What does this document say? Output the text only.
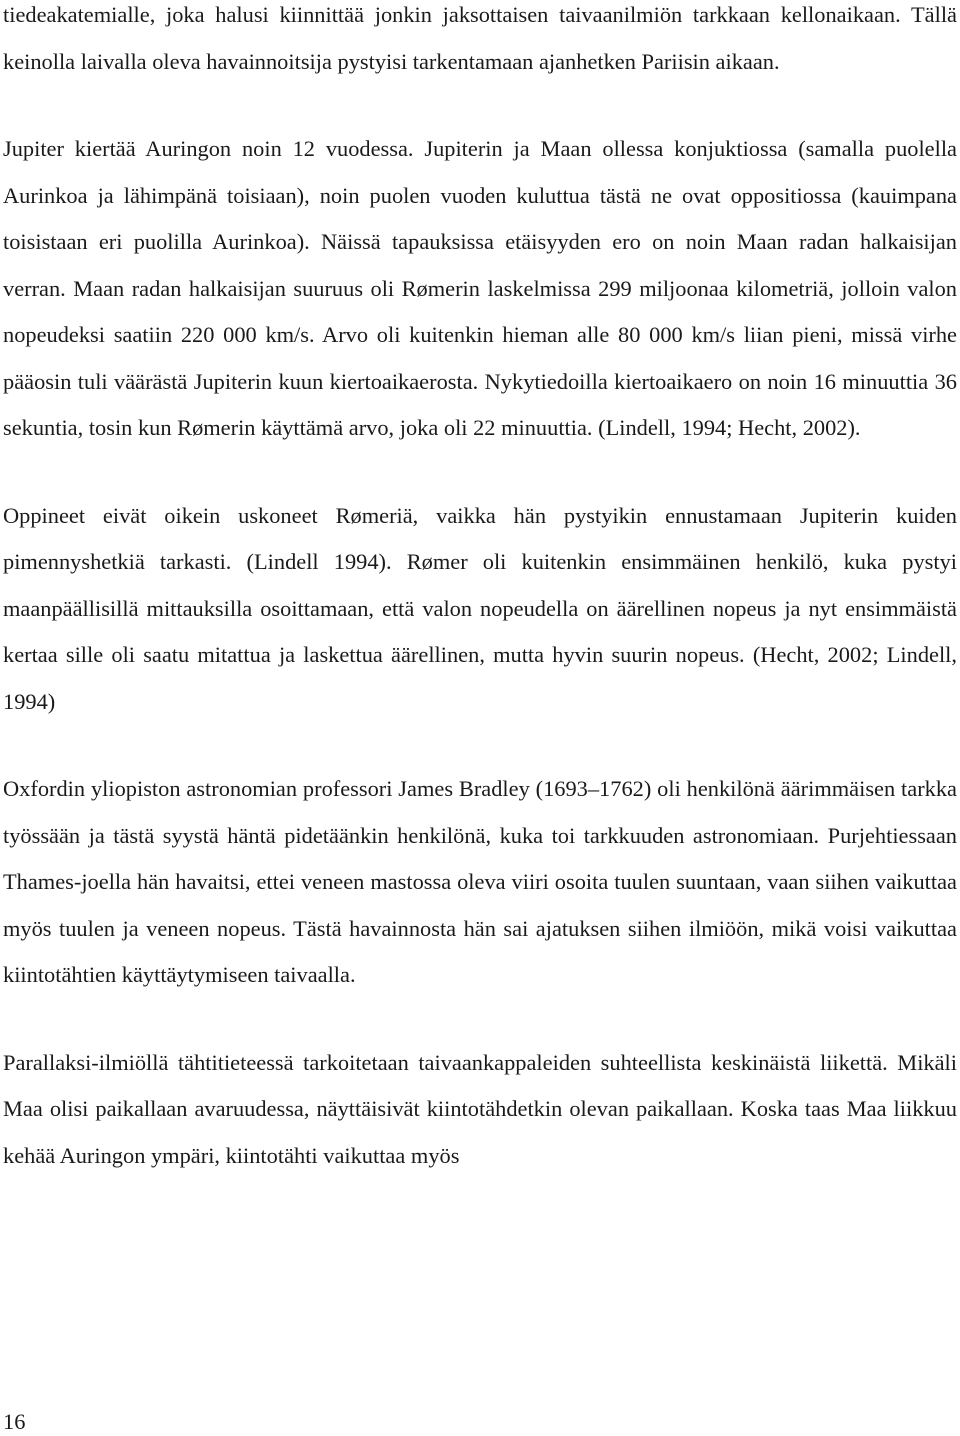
tiedeakatemialle, joka halusi kiinnittää jonkin jaksottaisen taivaanilmiön tarkkaan kellonaikaan. Tällä keinolla laivalla oleva havainnoitsija pystyisi tarkentamaan ajanhetken Pariisin aikaan.

Jupiter kiertää Auringon noin 12 vuodessa. Jupiterin ja Maan ollessa konjuktiossa (samalla puolella Aurinkoa ja lähimpänä toisiaan), noin puolen vuoden kuluttua tästä ne ovat oppositiossa (kauimpana toisistaan eri puolilla Aurinkoa). Näissä tapauksissa etäisyyden ero on noin Maan radan halkaisijan verran. Maan radan halkaisijan suuruus oli Rømerin laskelmissa 299 miljoonaa kilometriä, jolloin valon nopeudeksi saatiin 220 000 km/s. Arvo oli kuitenkin hieman alle 80 000 km/s liian pieni, missä virhe pääosin tuli väärästä Jupiterin kuun kiertoaikaerosta. Nykytiedoilla kiertoaikaero on noin 16 minuuttia 36 sekuntia, tosin kun Rømerin käyttämä arvo, joka oli 22 minuuttia. (Lindell, 1994; Hecht, 2002).

Oppineet eivät oikein uskoneet Rømeriä, vaikka hän pystyikin ennustamaan Jupiterin kuiden pimennyshetkiä tarkasti. (Lindell 1994). Rømer oli kuitenkin ensimmäinen henkilö, kuka pystyi maanpäällisillä mittauksilla osoittamaan, että valon nopeudella on äärellinen nopeus ja nyt ensimmäistä kertaa sille oli saatu mitattua ja laskettua äärellinen, mutta hyvin suurin nopeus. (Hecht, 2002; Lindell, 1994)

Oxfordin yliopiston astronomian professori James Bradley (1693–1762) oli henkilönä äärimmäisen tarkka työssään ja tästä syystä häntä pidetäänkin henkilönä, kuka toi tarkkuuden astronomiaan. Purjehtiessaan Thames-joella hän havaitsi, ettei veneen mastossa oleva viiri osoita tuulen suuntaan, vaan siihen vaikuttaa myös tuulen ja veneen nopeus. Tästä havainnosta hän sai ajatuksen siihen ilmiöön, mikä voisi vaikuttaa kiintotähtien käyttäytymiseen taivaalla.

Parallaksi-ilmiöllä tähtitieteessä tarkoitetaan taivaankappaleiden suhteellista keskinäistä liikettä. Mikäli Maa olisi paikallaan avaruudessa, näyttäisivät kiintotähdetkin olevan paikallaan. Koska taas Maa liikkuu kehää Auringon ympäri, kiintotähti vaikuttaa myös

16
